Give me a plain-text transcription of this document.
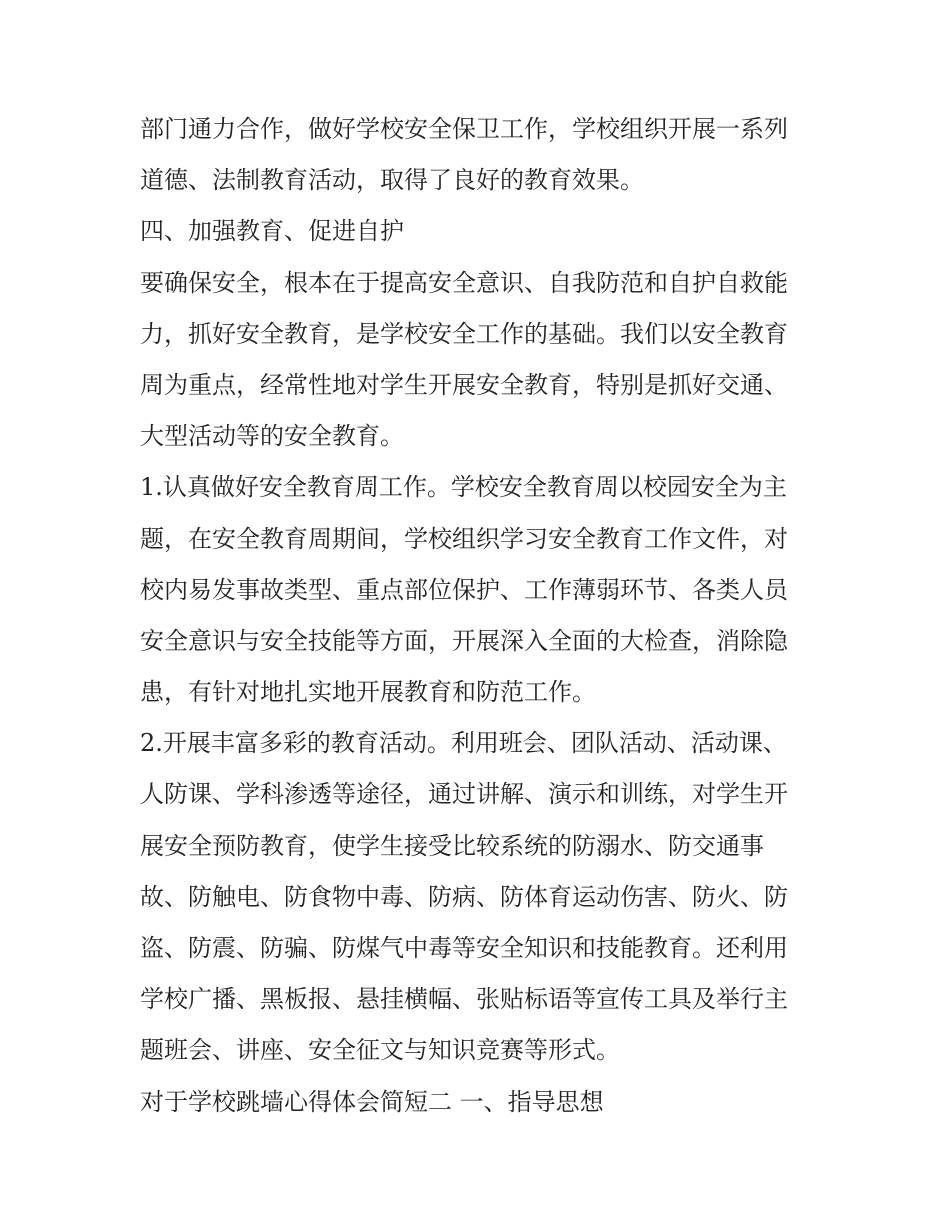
部门通力合作，做好学校安全保卫工作，学校组织开展一系列
道德、法制教育活动，取得了良好的教育效果。
四、加强教育、促进自护
要确保安全，根本在于提高安全意识、自我防范和自护自救能
力，抓好安全教育，是学校安全工作的基础。我们以安全教育
周为重点，经常性地对学生开展安全教育，特别是抓好交通、
大型活动等的安全教育。
1.认真做好安全教育周工作。学校安全教育周以校园安全为主
题，在安全教育周期间，学校组织学习安全教育工作文件，对
校内易发事故类型、重点部位保护、工作薄弱环节、各类人员
安全意识与安全技能等方面，开展深入全面的大检查，消除隐
患，有针对地扎实地开展教育和防范工作。
2.开展丰富多彩的教育活动。利用班会、团队活动、活动课、
人防课、学科渗透等途径，通过讲解、演示和训练，对学生开
展安全预防教育，使学生接受比较系统的防溺水、防交通事
故、防触电、防食物中毒、防病、防体育运动伤害、防火、防
盗、防震、防骗、防煤气中毒等安全知识和技能教育。还利用
学校广播、黑板报、悬挂横幅、张贴标语等宣传工具及举行主
题班会、讲座、安全征文与知识竞赛等形式。
对于学校跳墙心得体会简短二 一、指导思想
